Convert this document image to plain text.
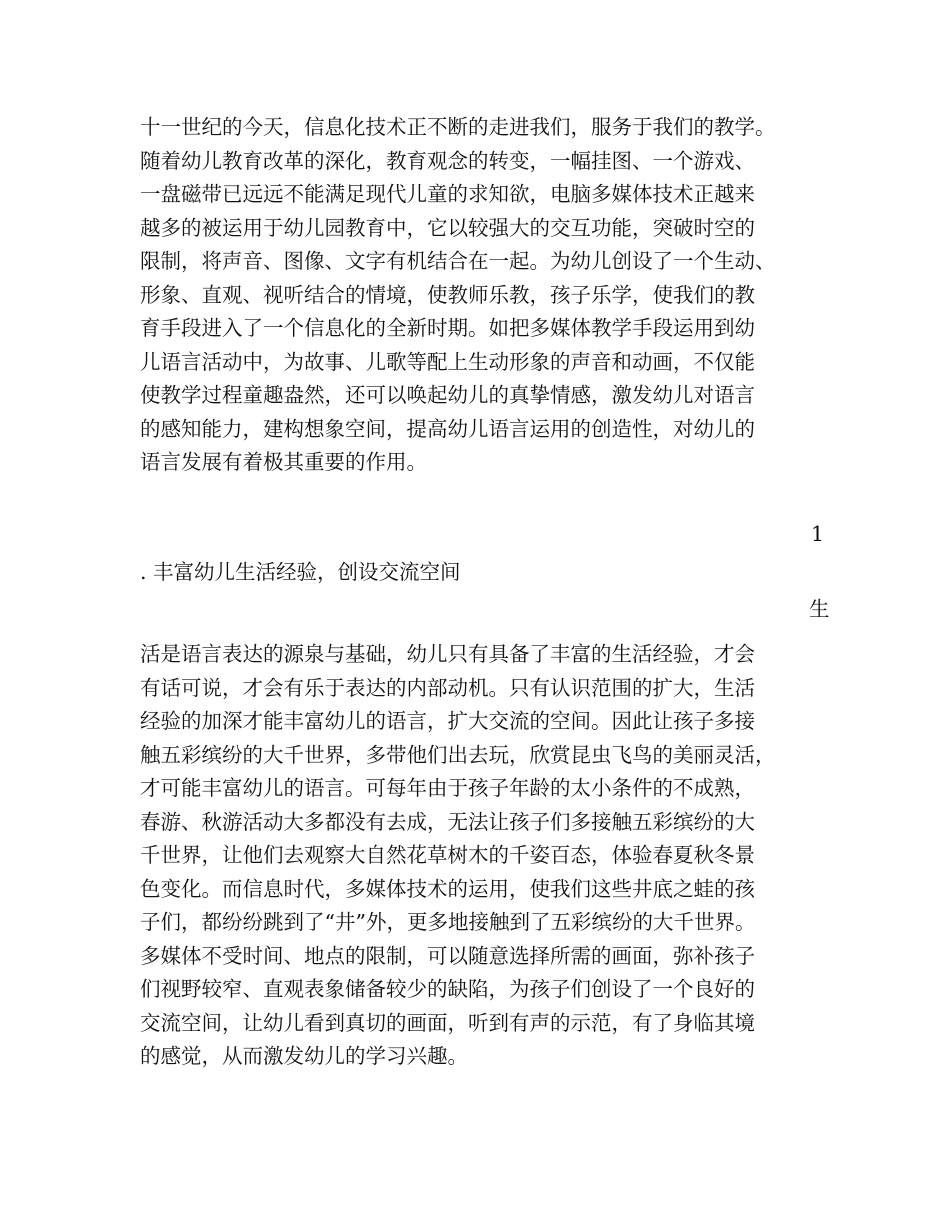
十一世纪的今天，信息化技术正不断的走进我们，服务于我们的教学。
随着幼儿教育改革的深化，教育观念的转变，一幅挂图、一个游戏、
一盘磁带已远远不能满足现代儿童的求知欲，电脑多媒体技术正越来
越多的被运用于幼儿园教育中，它以较强大的交互功能，突破时空的
限制，将声音、图像、文字有机结合在一起。为幼儿创设了一个生动、
形象、直观、视听结合的情境，使教师乐教，孩子乐学，使我们的教
育手段进入了一个信息化的全新时期。如把多媒体教学手段运用到幼
儿语言活动中，为故事、儿歌等配上生动形象的声音和动画，不仅能
使教学过程童趣盎然，还可以唤起幼儿的真挚情感，激发幼儿对语言
的感知能力，建构想象空间，提高幼儿语言运用的创造性，对幼儿的
语言发展有着极其重要的作用。
1
. 丰富幼儿生活经验，创设交流空间
生
活是语言表达的源泉与基础，幼儿只有具备了丰富的生活经验，才会
有话可说，才会有乐于表达的内部动机。只有认识范围的扩大，生活
经验的加深才能丰富幼儿的语言，扩大交流的空间。因此让孩子多接
触五彩缤纷的大千世界，多带他们出去玩，欣赏昆虫飞鸟的美丽灵活，
才可能丰富幼儿的语言。可每年由于孩子年龄的太小条件的不成熟，
春游、秋游活动大多都没有去成，无法让孩子们多接触五彩缤纷的大
千世界，让他们去观察大自然花草树木的千姿百态，体验春夏秋冬景
色变化。而信息时代，多媒体技术的运用，使我们这些井底之蛙的孩
子们，都纷纷跳到了“井”外，更多地接触到了五彩缤纷的大千世界。
多媒体不受时间、地点的限制，可以随意选择所需的画面，弥补孩子
们视野较窄、直观表象储备较少的缺陷，为孩子们创设了一个良好的
交流空间，让幼儿看到真切的画面，听到有声的示范，有了身临其境
的感觉，从而激发幼儿的学习兴趣。
